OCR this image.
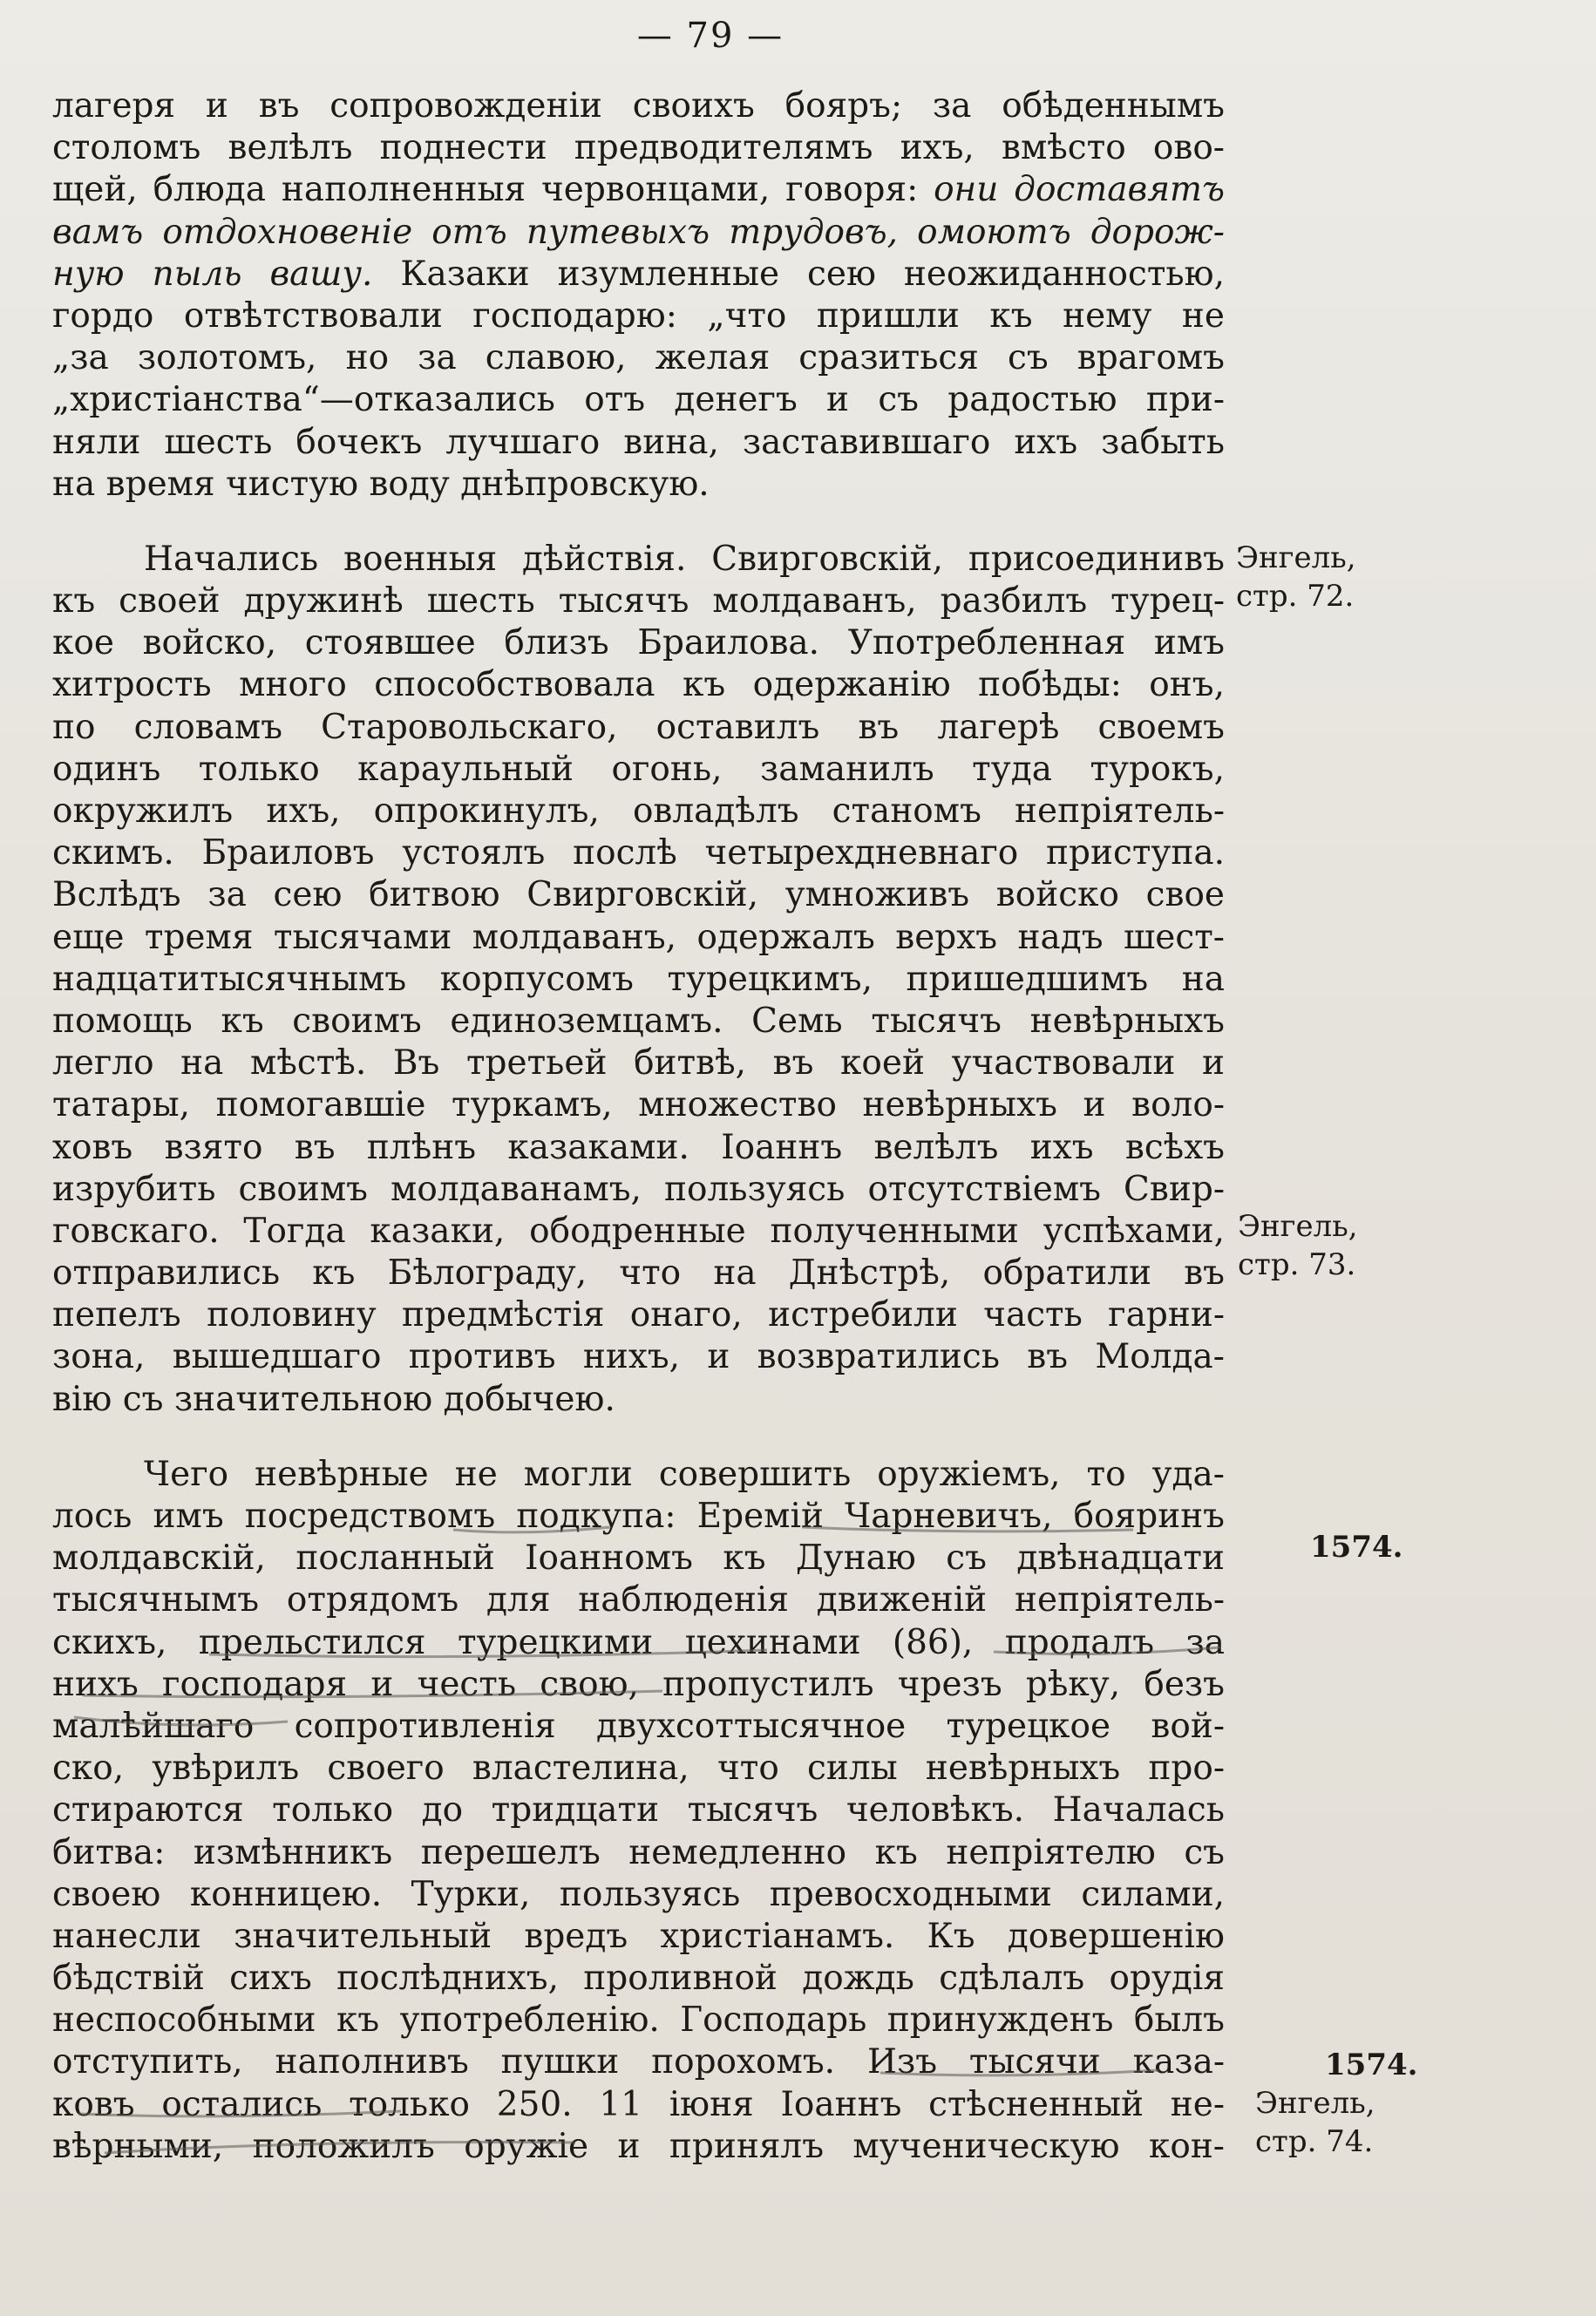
— 79 —
лагеря и въ сопровожденіи своихъ бояръ; за обѣденнымъ
столомъ велѣлъ поднести предводителямъ ихъ, вмѣсто ово-
щей, блюда наполненныя червонцами, говоря: они доставятъ
вамъ отдохновеніе отъ путевыхъ трудовъ, омоютъ дорож-
ную пыль вашу. Казаки изумленные сею неожиданностью,
гордо отвѣтствовали господарю: „что пришли къ нему не
„за золотомъ, но за славою, желая сразиться съ врагомъ
„христіанства“—отказались отъ денегъ и съ радостью при-
няли шесть бочекъ лучшаго вина, заставившаго ихъ забыть
на время чистую воду днѣпровскую.
Начались военныя дѣйствія. Свирговскій, присоединивъ
къ своей дружинѣ шесть тысячъ молдаванъ, разбилъ турец-
кое войско, стоявшее близъ Браилова. Употребленная имъ
хитрость много способствовала къ одержанію побѣды: онъ,
по словамъ Старовольскаго, оставилъ въ лагерѣ своемъ
одинъ только караульный огонь, заманилъ туда турокъ,
окружилъ ихъ, опрокинулъ, овладѣлъ станомъ непріятель-
скимъ. Браиловъ устоялъ послѣ четырехдневнаго приступа.
Вслѣдъ за сею битвою Свирговскій, умноживъ войско свое
еще тремя тысячами молдаванъ, одержалъ верхъ надъ шест-
надцатитысячнымъ корпусомъ турецкимъ, пришедшимъ на
помощь къ своимъ единоземцамъ. Семь тысячъ невѣрныхъ
легло на мѣстѣ. Въ третьей битвѣ, въ коей участвовали и
татары, помогавшіе туркамъ, множество невѣрныхъ и воло-
ховъ взято въ плѣнъ казаками. Іоаннъ велѣлъ ихъ всѣхъ
изрубить своимъ молдаванамъ, пользуясь отсутствіемъ Свир-
говскаго. Тогда казаки, ободренные полученными успѣхами,
отправились къ Бѣлограду, что на Днѣстрѣ, обратили въ
пепелъ половину предмѣстія онаго, истребили часть гарни-
зона, вышедшаго противъ нихъ, и возвратились въ Молда-
вію съ значительною добычею.
Чего невѣрные не могли совершить оружіемъ, то уда-
лось имъ посредствомъ подкупа: Еремій Чарневичъ, бояринъ
молдавскій, посланный Іоанномъ къ Дунаю съ двѣнадцати
тысячнымъ отрядомъ для наблюденія движеній непріятель-
скихъ, прельстился турецкими цехинами (86), продалъ за
нихъ господаря и честь свою, пропустилъ чрезъ рѣку, безъ
малѣйшаго сопротивленія двухсоттысячное турецкое вой-
ско, увѣрилъ своего властелина, что силы невѣрныхъ про-
стираются только до тридцати тысячъ человѣкъ. Началась
битва: измѣнникъ перешелъ немедленно къ непріятелю съ
своею конницею. Турки, пользуясь превосходными силами,
нанесли значительный вредъ христіанамъ. Къ довершенію
бѣдствій сихъ послѣднихъ, проливной дождь сдѣлалъ орудія
неспособными къ употребленію. Господарь принужденъ былъ
отступить, наполнивъ пушки порохомъ. Изъ тысячи каза-
ковъ остались только 250. 11 іюня Іоаннъ стѣсненный не-
вѣрными, положилъ оружіе и принялъ мученическую кон-
Энгель,
стр. 72.
Энгель,
стр. 73.
1574.
1574.
Энгель,
стр. 74.
